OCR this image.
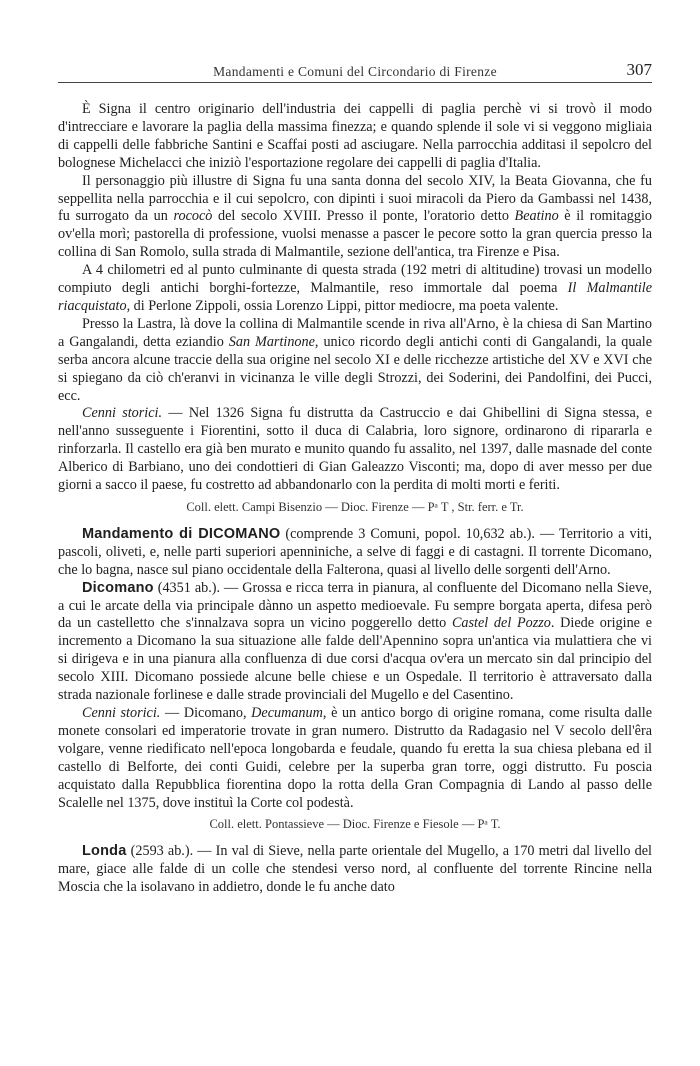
Mandamenti e Comuni del Circondario di Firenze	307

È Signa il centro originario dell'industria dei cappelli di paglia perchè vi si trovò il modo d'intrecciare e lavorare la paglia della massima finezza; e quando splende il sole vi si veggono migliaia di cappelli delle fabbriche Santini e Scaffai posti ad asciugare. Nella parrocchia additasi il sepolcro del bolognese Michelacci che iniziò l'esportazione regolare dei cappelli di paglia d'Italia.

Il personaggio più illustre di Signa fu una santa donna del secolo XIV, la Beata Giovanna, che fu seppellita nella parrocchia e il cui sepolcro, con dipinti i suoi miracoli da Piero da Gambassi nel 1438, fu surrogato da un rococò del secolo XVIII. Presso il ponte, l'oratorio detto Beatino è il romitaggio ov'ella morì; pastorella di professione, vuolsi menasse a pascer le pecore sotto la gran quercia presso la collina di San Romolo, sulla strada di Malmantile, sezione dell'antica, tra Firenze e Pisa.

A 4 chilometri ed al punto culminante di questa strada (192 metri di altitudine) trovasi un modello compiuto degli antichi borghi-fortezze, Malmantile, reso immortale dal poema Il Malmantile riacquistato, di Perlone Zippoli, ossia Lorenzo Lippi, pittor mediocre, ma poeta valente.

Presso la Lastra, là dove la collina di Malmantile scende in riva all'Arno, è la chiesa di San Martino a Gangalandi, detta eziandio San Martinone, unico ricordo degli antichi conti di Gangalandi, la quale serba ancora alcune traccie della sua origine nel secolo XI e delle ricchezze artistiche del XV e XVI che si spiegano da ciò ch'eranvi in vicinanza le ville degli Strozzi, dei Soderini, dei Pandolfini, dei Pucci, ecc.

Cenni storici. — Nel 1326 Signa fu distrutta da Castruccio e dai Ghibellini di Signa stessa, e nell'anno susseguente i Fiorentini, sotto il duca di Calabria, loro signore, ordinarono di ripararla e rinforzarla. Il castello era già ben murato e munito quando fu assalito, nel 1397, dalle masnade del conte Alberico di Barbiano, uno dei condottieri di Gian Galeazzo Visconti; ma, dopo di aver messo per due giorni a sacco il paese, fu costretto ad abbandonarlo con la perdita di molti morti e feriti.

Coll. elett. Campi Bisenzio — Dioc. Firenze — Pᵃ T , Str. ferr. e Tr.

Mandamento di DICOMANO (comprende 3 Comuni, popol. 10,632 ab.). — Territorio a viti, pascoli, oliveti, e, nelle parti superiori apenniniche, a selve di faggi e di castagni. Il torrente Dicomano, che lo bagna, nasce sul piano occidentale della Falterona, quasi al livello delle sorgenti dell'Arno.

Dicomano (4351 ab.). — Grossa e ricca terra in pianura, al confluente del Dicomano nella Sieve, a cui le arcate della via principale dànno un aspetto medioevale. Fu sempre borgata aperta, difesa però da un castelletto che s'innalzava sopra un vicino poggerello detto Castel del Pozzo. Diede origine e incremento a Dicomano la sua situazione alle falde dell'Apennino sopra un'antica via mulattiera che vi si dirigeva e in una pianura alla confluenza di due corsi d'acqua ov'era un mercato sin dal principio del secolo XIII. Dicomano possiede alcune belle chiese e un Ospedale. Il territorio è attraversato dalla strada nazionale forlinese e dalle strade provinciali del Mugello e del Casentino.

Cenni storici. — Dicomano, Decumanum, è un antico borgo di origine romana, come risulta dalle monete consolari ed imperatorie trovate in gran numero. Distrutto da Radagasio nel V secolo dell'êra volgare, venne riedificato nell'epoca longobarda e feudale, quando fu eretta la sua chiesa plebana ed il castello di Belforte, dei conti Guidi, celebre per la superba gran torre, oggi distrutto. Fu poscia acquistato dalla Repubblica fiorentina dopo la rotta della Gran Compagnia di Lando al passo delle Scalelle nel 1375, dove instituì la Corte col podestà.

Coll. elett. Pontassieve — Dioc. Firenze e Fiesole — Pᵃ T.

Londa (2593 ab.). — In val di Sieve, nella parte orientale del Mugello, a 170 metri dal livello del mare, giace alle falde di un colle che stendesi verso nord, al confluente del torrente Rincine nella Moscia che la isolavano in addietro, donde le fu anche dato
